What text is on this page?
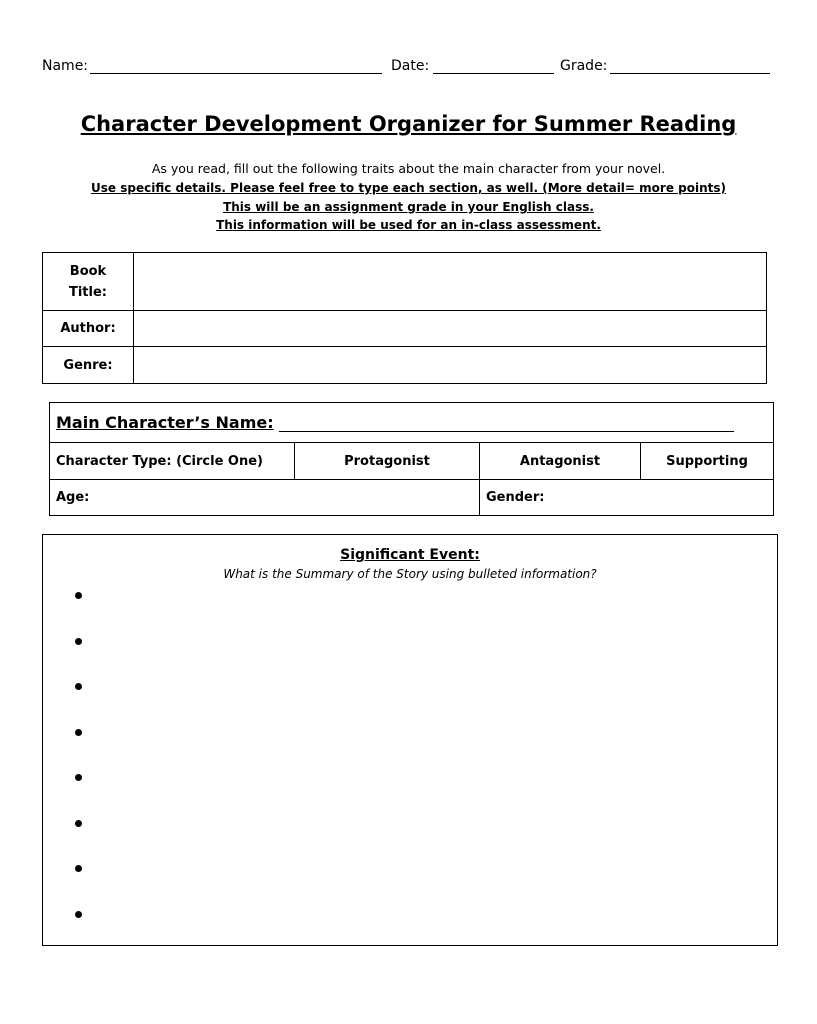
Name:	Date:	Grade:
Character Development Organizer for Summer Reading
As you read, fill out the following traits about the main character from your novel.
Use specific details. Please feel free to type each section, as well. (More detail= more points)
This will be an assignment grade in your English class.
This information will be used for an in-class assessment.
Book
Title:	

Author:	
Genre:	
Main Character’s Name:			
Character Type: (Circle One)	Protagonist	Antagonist	Supporting
Age:		Gender:	
Significant Event:
What is the Summary of the Story using bulleted information?
